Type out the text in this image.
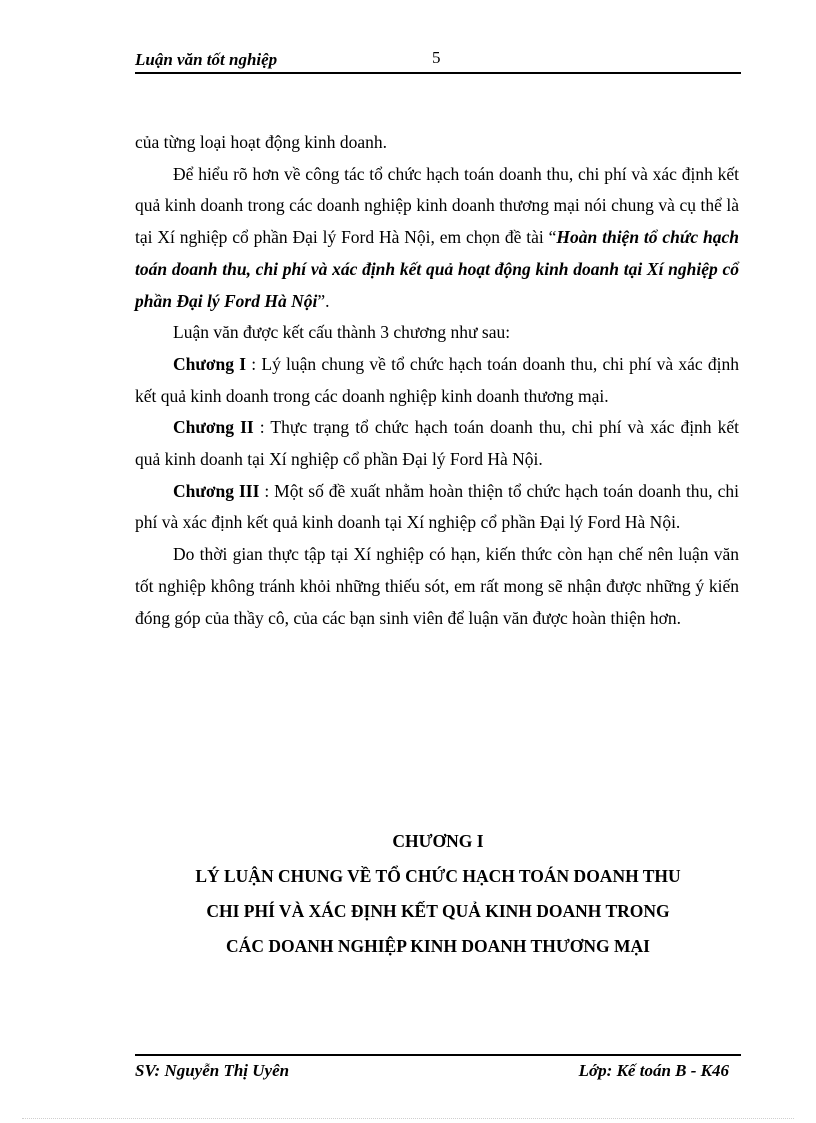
Luận văn tốt nghiệp	5

của từng loại hoạt động kinh doanh.

Để hiểu rõ hơn về công tác tổ chức hạch toán doanh thu, chi phí và xác định kết quả kinh doanh trong các doanh nghiệp kinh doanh thương mại nói chung và cụ thể là tại Xí nghiệp cổ phần Đại lý Ford Hà Nội, em chọn đề tài “Hoàn thiện tổ chức hạch toán doanh thu, chi phí và xác định kết quả hoạt động kinh doanh tại Xí nghiệp cổ phần Đại lý Ford Hà Nội”.

Luận văn được kết cấu thành 3 chương như sau:

Chương I : Lý luận chung về tổ chức hạch toán doanh thu, chi phí và xác định kết quả kinh doanh trong các doanh nghiệp kinh doanh thương mại.

Chương II : Thực trạng tổ chức hạch toán doanh thu, chi phí và xác định kết quả kinh doanh tại Xí nghiệp cổ phần Đại lý Ford Hà Nội.

Chương III : Một số đề xuất nhằm hoàn thiện tổ chức hạch toán doanh thu, chi phí và xác định kết quả kinh doanh tại Xí nghiệp cổ phần Đại lý Ford Hà Nội.

Do thời gian thực tập tại Xí nghiệp có hạn, kiến thức còn hạn chế nên luận văn tốt nghiệp không tránh khỏi những thiếu sót, em rất mong sẽ nhận được những ý kiến đóng góp của thầy cô, của các bạn sinh viên để luận văn được hoàn thiện hơn.

CHƯƠNG I
LÝ LUẬN CHUNG VỀ TỔ CHỨC HẠCH TOÁN DOANH THU
CHI PHÍ VÀ XÁC ĐỊNH KẾT QUẢ KINH DOANH TRONG
CÁC DOANH NGHIỆP KINH DOANH THƯƠNG MẠI
SV: Nguyễn Thị Uyên	Lớp: Kế toán B - K46
